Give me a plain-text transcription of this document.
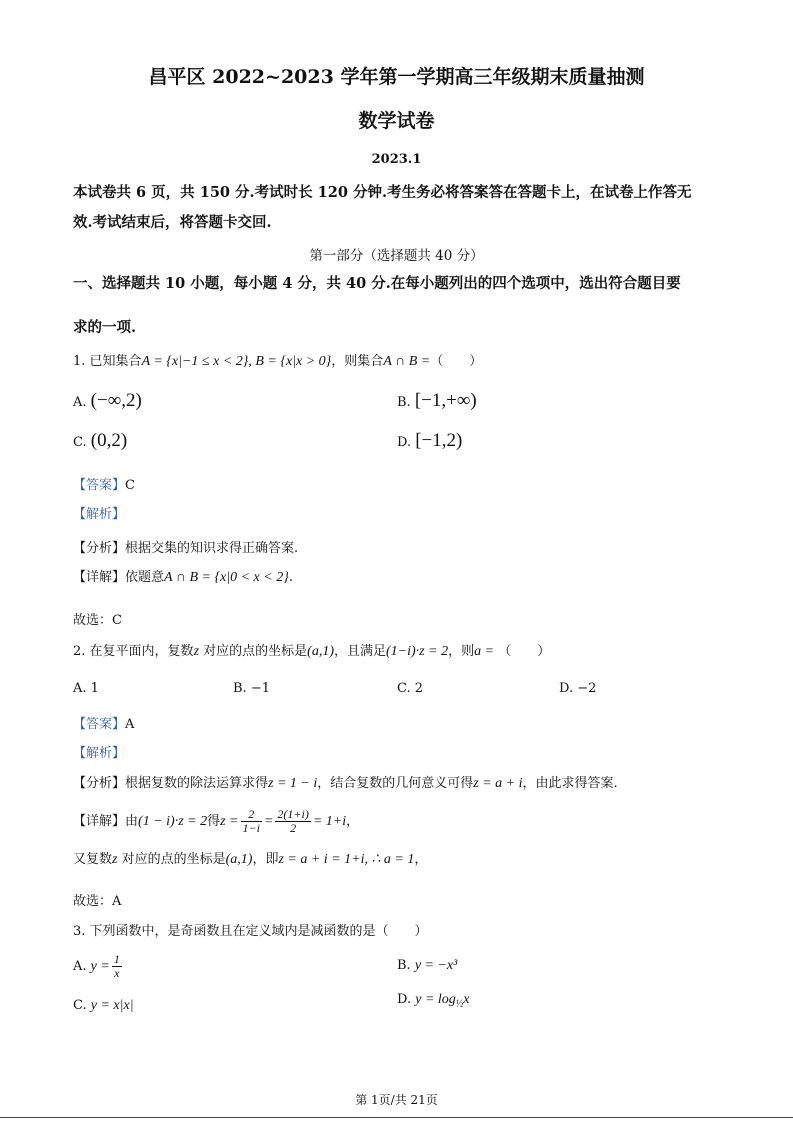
昌平区 2022~2023 学年第一学期高三年级期末质量抽测
数学试卷
2023.1
本试卷共 6 页，共 150 分.考试时长 120 分钟.考生务必将答案答在答题卡上，在试卷上作答无
效.考试结束后，将答题卡交回.
第一部分（选择题共 40 分）
一、选择题共 10 小题，每小题 4 分，共 40 分.在每小题列出的四个选项中，选出符合题目要
求的一项.
1. 已知集合A = {x|−1 ≤ x < 2}, B = {x|x > 0}，则集合A ∩ B =（　　）
A. (−∞,2)	B. [−1,+∞)
C. (0,2)	D. [−1,2)
【答案】C
【解析】
【分析】根据交集的知识求得正确答案.
【详解】依题意A ∩ B = {x|0 < x < 2}.
故选：C
2. 在复平面内，复数z 对应的点的坐标是(a,1)，且满足(1−i)·z = 2，则a = （　　）
A. 1	B. −1	C. 2	D. −2
【答案】A
【解析】
【分析】根据复数的除法运算求得z = 1 − i，结合复数的几何意义可得z = a + i，由此求得答案.
【详解】由(1 − i)·z = 2得$z = \frac{2}{1-i} = \frac{2(1+i)}{2} = 1+i$，
又复数z 对应的点的坐标是(a,1)，即z = a + i = 1+i, ∴ a = 1，
故选：A
3. 下列函数中，是奇函数且在定义域内是减函数的是（　　）
A. $y = \frac{1}{x}$	B. y = −x³
C. y = x|x|	D. $y = \log_{\frac{1}{2}}x$
第 1页/共 21页
